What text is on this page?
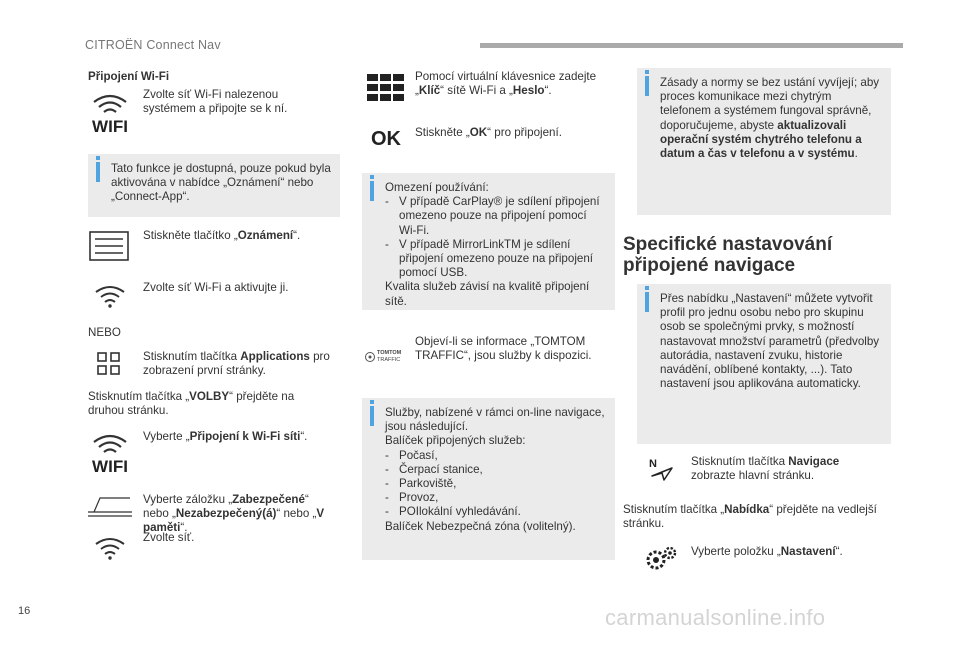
CITROËN Connect Nav
Připojení Wi-Fi
WIFI
Zvolte síť Wi-Fi nalezenou systémem a připojte se k ní.
Tato funkce je dostupná, pouze pokud byla aktivována v nabídce „Oznámení“ nebo „Connect-App“.
Stiskněte tlačítko „Oznámení“.
Zvolte síť Wi-Fi a aktivujte ji.
NEBO
Stisknutím tlačítka Applications pro zobrazení první stránky.
Stisknutím tlačítka „VOLBY“ přejděte na druhou stránku.
WIFI
Vyberte „Připojení k Wi-Fi síti“.
Vyberte záložku „Zabezpečené“ nebo „Nezabezpečený(á)“ nebo „V paměti“.
Zvolte síť.
Pomocí virtuální klávesnice zadejte „Klíč“ sítě Wi-Fi a „Heslo“.
OK Stiskněte „OK“ pro připojení.
Omezení používání:
- V případě CarPlay® je sdílení připojení omezeno pouze na připojení pomocí Wi-Fi.
- V případě MirrorLinkTM je sdílení připojení omezeno pouze na připojení pomocí USB.
Kvalita služeb závisí na kvalitě připojení sítě.
TOMTOM
TRAFFIC
Objeví-li se informace „TOMTOM TRAFFIC“, jsou služby k dispozici.
Služby, nabízené v rámci on-line navigace, jsou následující.
Balíček připojených služeb:
- Počasí,
- Čerpací stanice,
- Parkoviště,
- Provoz,
- POIlokální vyhledávání.
Balíček Nebezpečná zóna (volitelný).
Zásady a normy se bez ustání vyvíjejí; aby proces komunikace mezi chytrým telefonem a systémem fungoval správně, doporučujeme, abyste aktualizovali operační systém chytrého telefonu a datum a čas v telefonu a v systému.
Specifické nastavování
připojené navigace
Přes nabídku „Nastavení“ můžete vytvořit profil pro jednu osobu nebo pro skupinu osob se společnými prvky, s možností nastavovat množství parametrů (předvolby autorádia, nastavení zvuku, historie navádění, oblíbené kontakty, ...). Tato nastavení jsou aplikována automaticky.
N	Stisknutím tlačítka Navigace zobrazte hlavní stránku.
Stisknutím tlačítka „Nabídka“ přejděte na vedlejší stránku.
Vyberte položku „Nastavení“.
16	carmanualsonline.info
